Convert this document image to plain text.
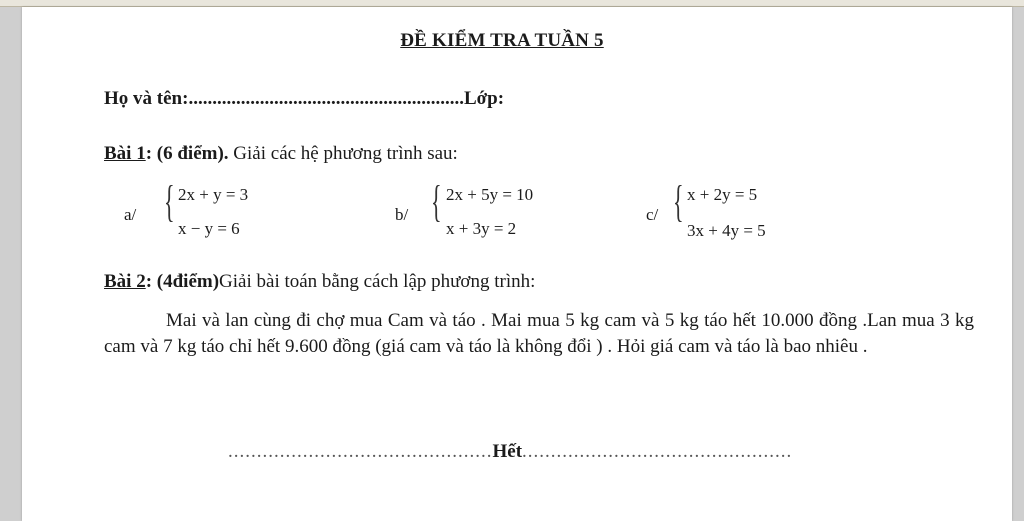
ĐỀ KIỂM TRA TUẦN 5
Họ và tên:..........................................................Lớp:
Bài 1: (6 điểm). Giải các hệ phương trình sau:
a/ { 2x + y = 3
x − y = 6
b/ { 2x + 5y = 10
x + 3y = 2
c/ { x + 2y = 5
3x + 4y = 5
Bài 2: (4điểm)Giải bài toán bằng cách lập phương trình:
Mai và lan cùng đi chợ mua Cam và táo . Mai mua 5 kg cam và 5 kg táo hết 10.000 đồng .Lan mua 3 kg cam và 7 kg táo chỉ hết 9.600 đồng (giá cam và táo là không đổi ) . Hỏi giá cam và táo là bao nhiêu .
..............................................Hết...............................................
